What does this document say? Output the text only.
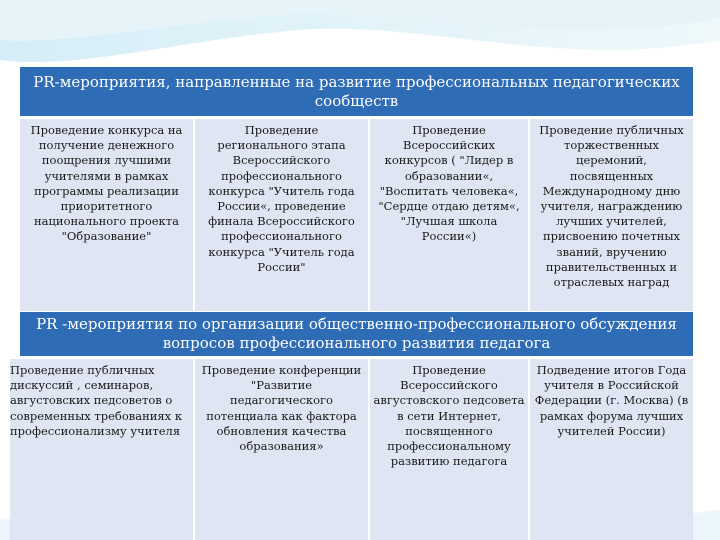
PR-мероприятия, направленные на развитие профессиональных педагогических сообществ
Проведение конкурса на получение денежного поощрения лучшими учителями в рамках программы реализации приоритетного национального проекта "Образование"
Проведение регионального этапа Всероссийского профессионального конкурса "Учитель года России«, проведение финала Всероссийского профессионального конкурса "Учитель года России"
Проведение Всероссийских конкурсов ( "Лидер в образовании«, "Воспитать человека«, "Сердце отдаю детям«, "Лучшая школа России«)
Проведение публичных торжественных церемоний, посвященных Международному дню учителя, награждению лучших учителей, присвоению почетных званий, вручению правительственных и отраслевых наград
PR -мероприятия по организации общественно-профессионального обсуждения вопросов профессионального развития педагога
Проведение публичных дискуссий , семинаров, августовских педсоветов о современных требованиях к профессионализму учителя
Проведение конференции "Развитие педагогического потенциала как фактора обновления качества образования»
Проведение Всероссийского августовского педсовета в сети Интернет, посвященного профессиональному развитию педагога
Подведение итогов Года учителя в Российской Федерации (г. Москва) (в рамках форума лучших учителей России)
